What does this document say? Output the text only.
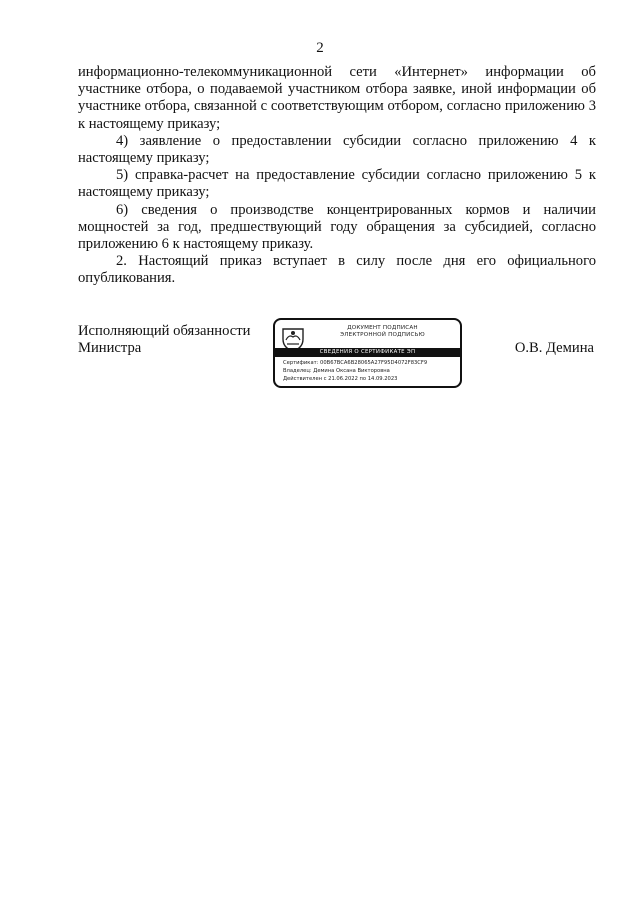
2

информационно-телекоммуникационной сети «Интернет» информации об участнике отбора, о подаваемой участником отбора заявке, иной информации об участнике отбора, связанной с соответствующим отбором, согласно приложению 3 к настоящему приказу;

4) заявление о предоставлении субсидии согласно приложению 4 к настоящему приказу;

5) справка-расчет на предоставление субсидии согласно приложению 5 к настоящему приказу;

6) сведения о производстве концентрированных кормов и наличии мощностей за год, предшествующий году обращения за субсидией, согласно приложению 6 к настоящему приказу.

2. Настоящий приказ вступает в силу после дня его официального опубликования.

Исполняющий обязанности
Министра
ДОКУМЕНТ ПОДПИСАН
ЭЛЕКТРОННОЙ ПОДПИСЬЮ
СВЕДЕНИЯ О СЕРТИФИКАТЕ ЭП
Сертификат: 00B67BCA6B28065A27F95D4072F83CF9
Владелец: Демина Оксана Викторовна
Действителен с 21.06.2022 по 14.09.2023
О.В. Демина
